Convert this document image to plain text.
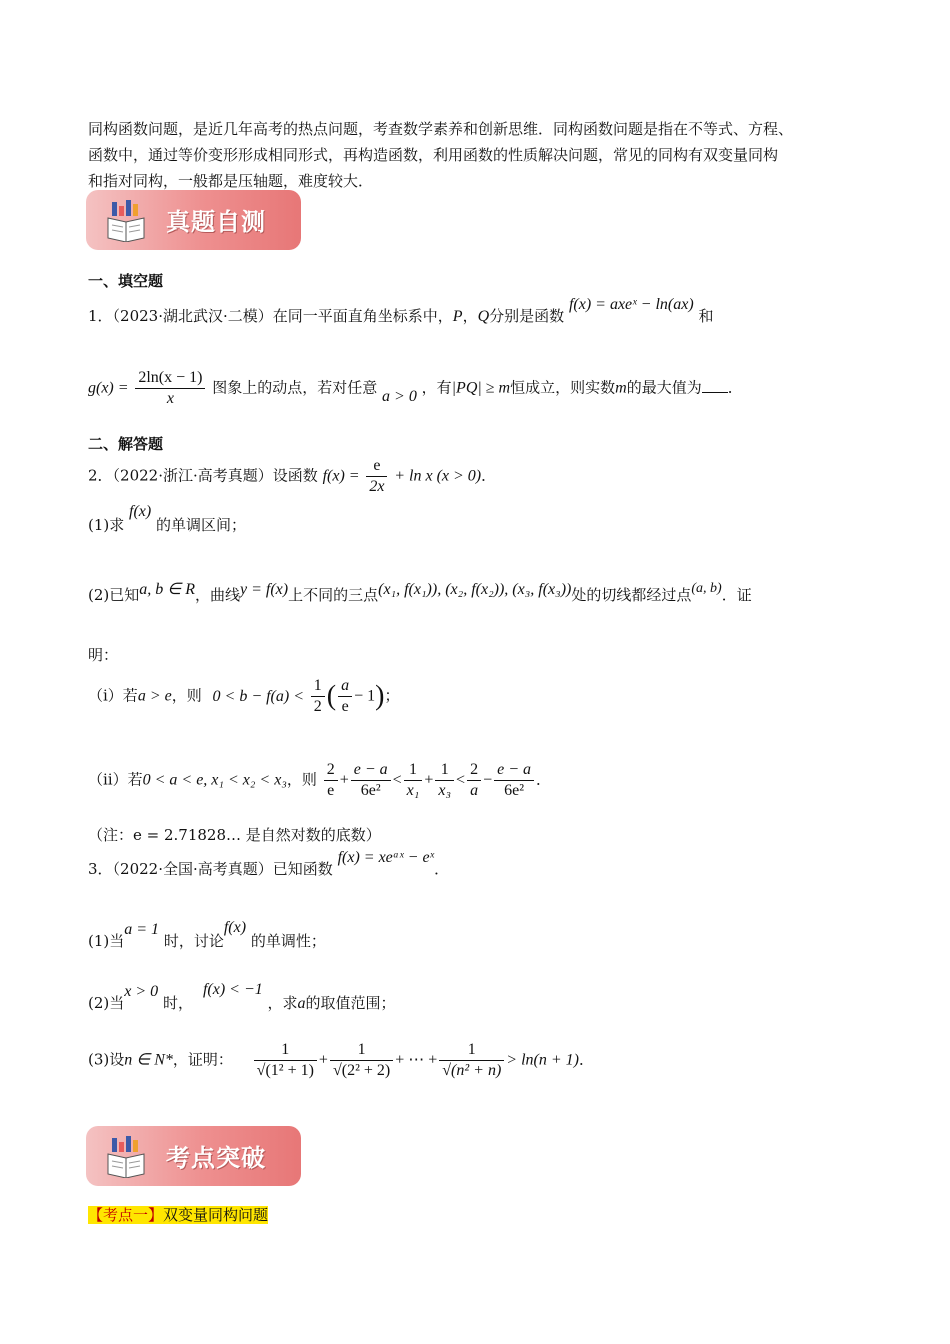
同构函数问题，是近几年高考的热点问题，考查数学素养和创新思维．同构函数问题是指在不等式、方程、

函数中，通过等价变形形成相同形式，再构造函数，利用函数的性质解决问题，常见的同构有双变量同构

和指对同构，一般都是压轴题，难度较大．

真题自测
一、填空题
1．（2023·湖北武汉·二模）在同一平面直角坐标系中，P，Q分别是函数 f(x) = axeˣ − ln(ax) 和
$g(x) = \frac{2\ln(x - 1)}{x}$ 图象上的动点，若对任意 a > 0 ，有|PQ| ≥ m恒成立，则实数m的最大值为 ．
二、解答题
2．（2022·浙江·高考真题）设函数 $f(x) = \frac{e}{2x} + \ln x$ (x > 0)．
(1)求 f(x) 的单调区间；
(2)已知a, b ∈ R，曲线y = f(x)上不同的三点(x₁, f(x₁)), (x₂, f(x₂)), (x₃, f(x₃))处的切线都经过点(a, b)．证
明：
（ⅰ）若a > e，则 $0 < b - f(a) < \frac{1}{2}$ ( $\frac{a}{e} - 1$)；
（ⅱ）若0 < a < e, x₁ < x₂ < x₃，则 $\frac{2}{e} + \frac{e - a}{\text{6e²}} < \frac{1}{\text{x₁}} + \frac{1}{\text{x₃}} < \frac{2}{a} - \frac{e - a}{\text{6e²}}$ ．
（注：e = 2.71828… 是自然对数的底数）
3．（2022·全国·高考真题）已知函数 f(x) = xeᵃˣ − eˣ．
(1)当a = 1 时，讨论f(x) 的单调性；
(2)当x > 0 时，f(x) < −1 ，求a的取值范围；
(3)设n ∈ N*，证明： $\frac{1}{\text{√(1² + 1)}} + \frac{1}{\text{√(2² + 2)}}$ + ⋯ + $\frac{1}{\text{√(n² + n)}} > \ln(n + 1)$．
考点突破
【考点一】双变量同构问题
